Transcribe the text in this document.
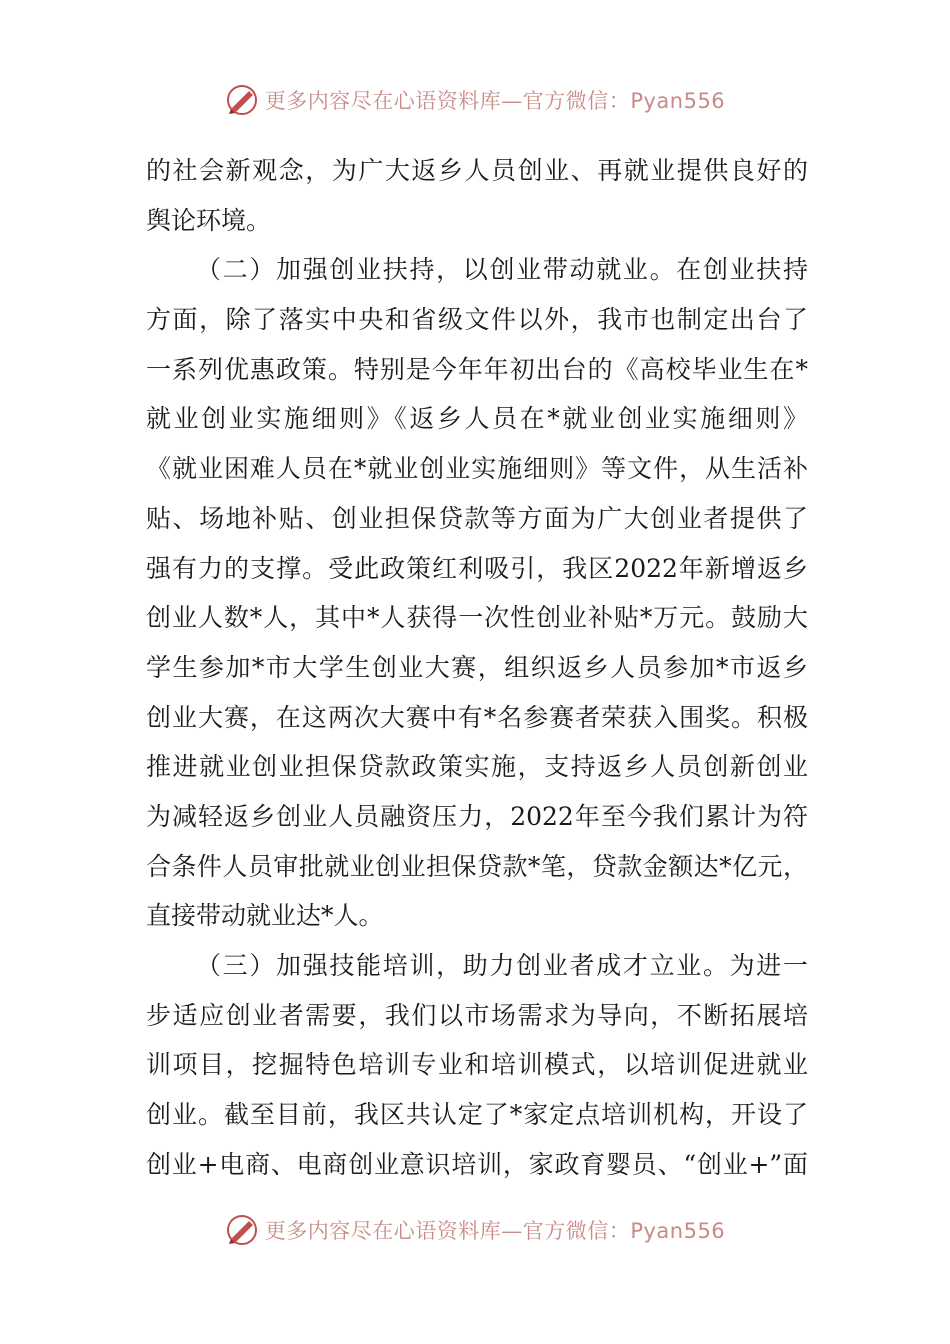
更多内容尽在心语资料库—官方微信：Pyan556
的社会新观念，为广大返乡人员创业、再就业提供良好的
舆论环境。
（二）加强创业扶持，以创业带动就业。在创业扶持
方面，除了落实中央和省级文件以外，我市也制定出台了
一系列优惠政策。特别是今年年初出台的《高校毕业生在*
就业创业实施细则》《返乡人员在*就业创业实施细则》
《就业困难人员在*就业创业实施细则》等文件，从生活补
贴、场地补贴、创业担保贷款等方面为广大创业者提供了
强有力的支撑。受此政策红利吸引，我区2022年新增返乡
创业人数*人，其中*人获得一次性创业补贴*万元。鼓励大
学生参加*市大学生创业大赛，组织返乡人员参加*市返乡
创业大赛，在这两次大赛中有*名参赛者荣获入围奖。积极
推进就业创业担保贷款政策实施，支持返乡人员创新创业
为减轻返乡创业人员融资压力，2022年至今我们累计为符
合条件人员审批就业创业担保贷款*笔，贷款金额达*亿元，
直接带动就业达*人。
（三）加强技能培训，助力创业者成才立业。为进一
步适应创业者需要，我们以市场需求为导向，不断拓展培
训项目，挖掘特色培训专业和培训模式，以培训促进就业
创业。截至目前，我区共认定了*家定点培训机构，开设了
创业+电商、电商创业意识培训，家政育婴员、“创业+”面
更多内容尽在心语资料库—官方微信：Pyan556
